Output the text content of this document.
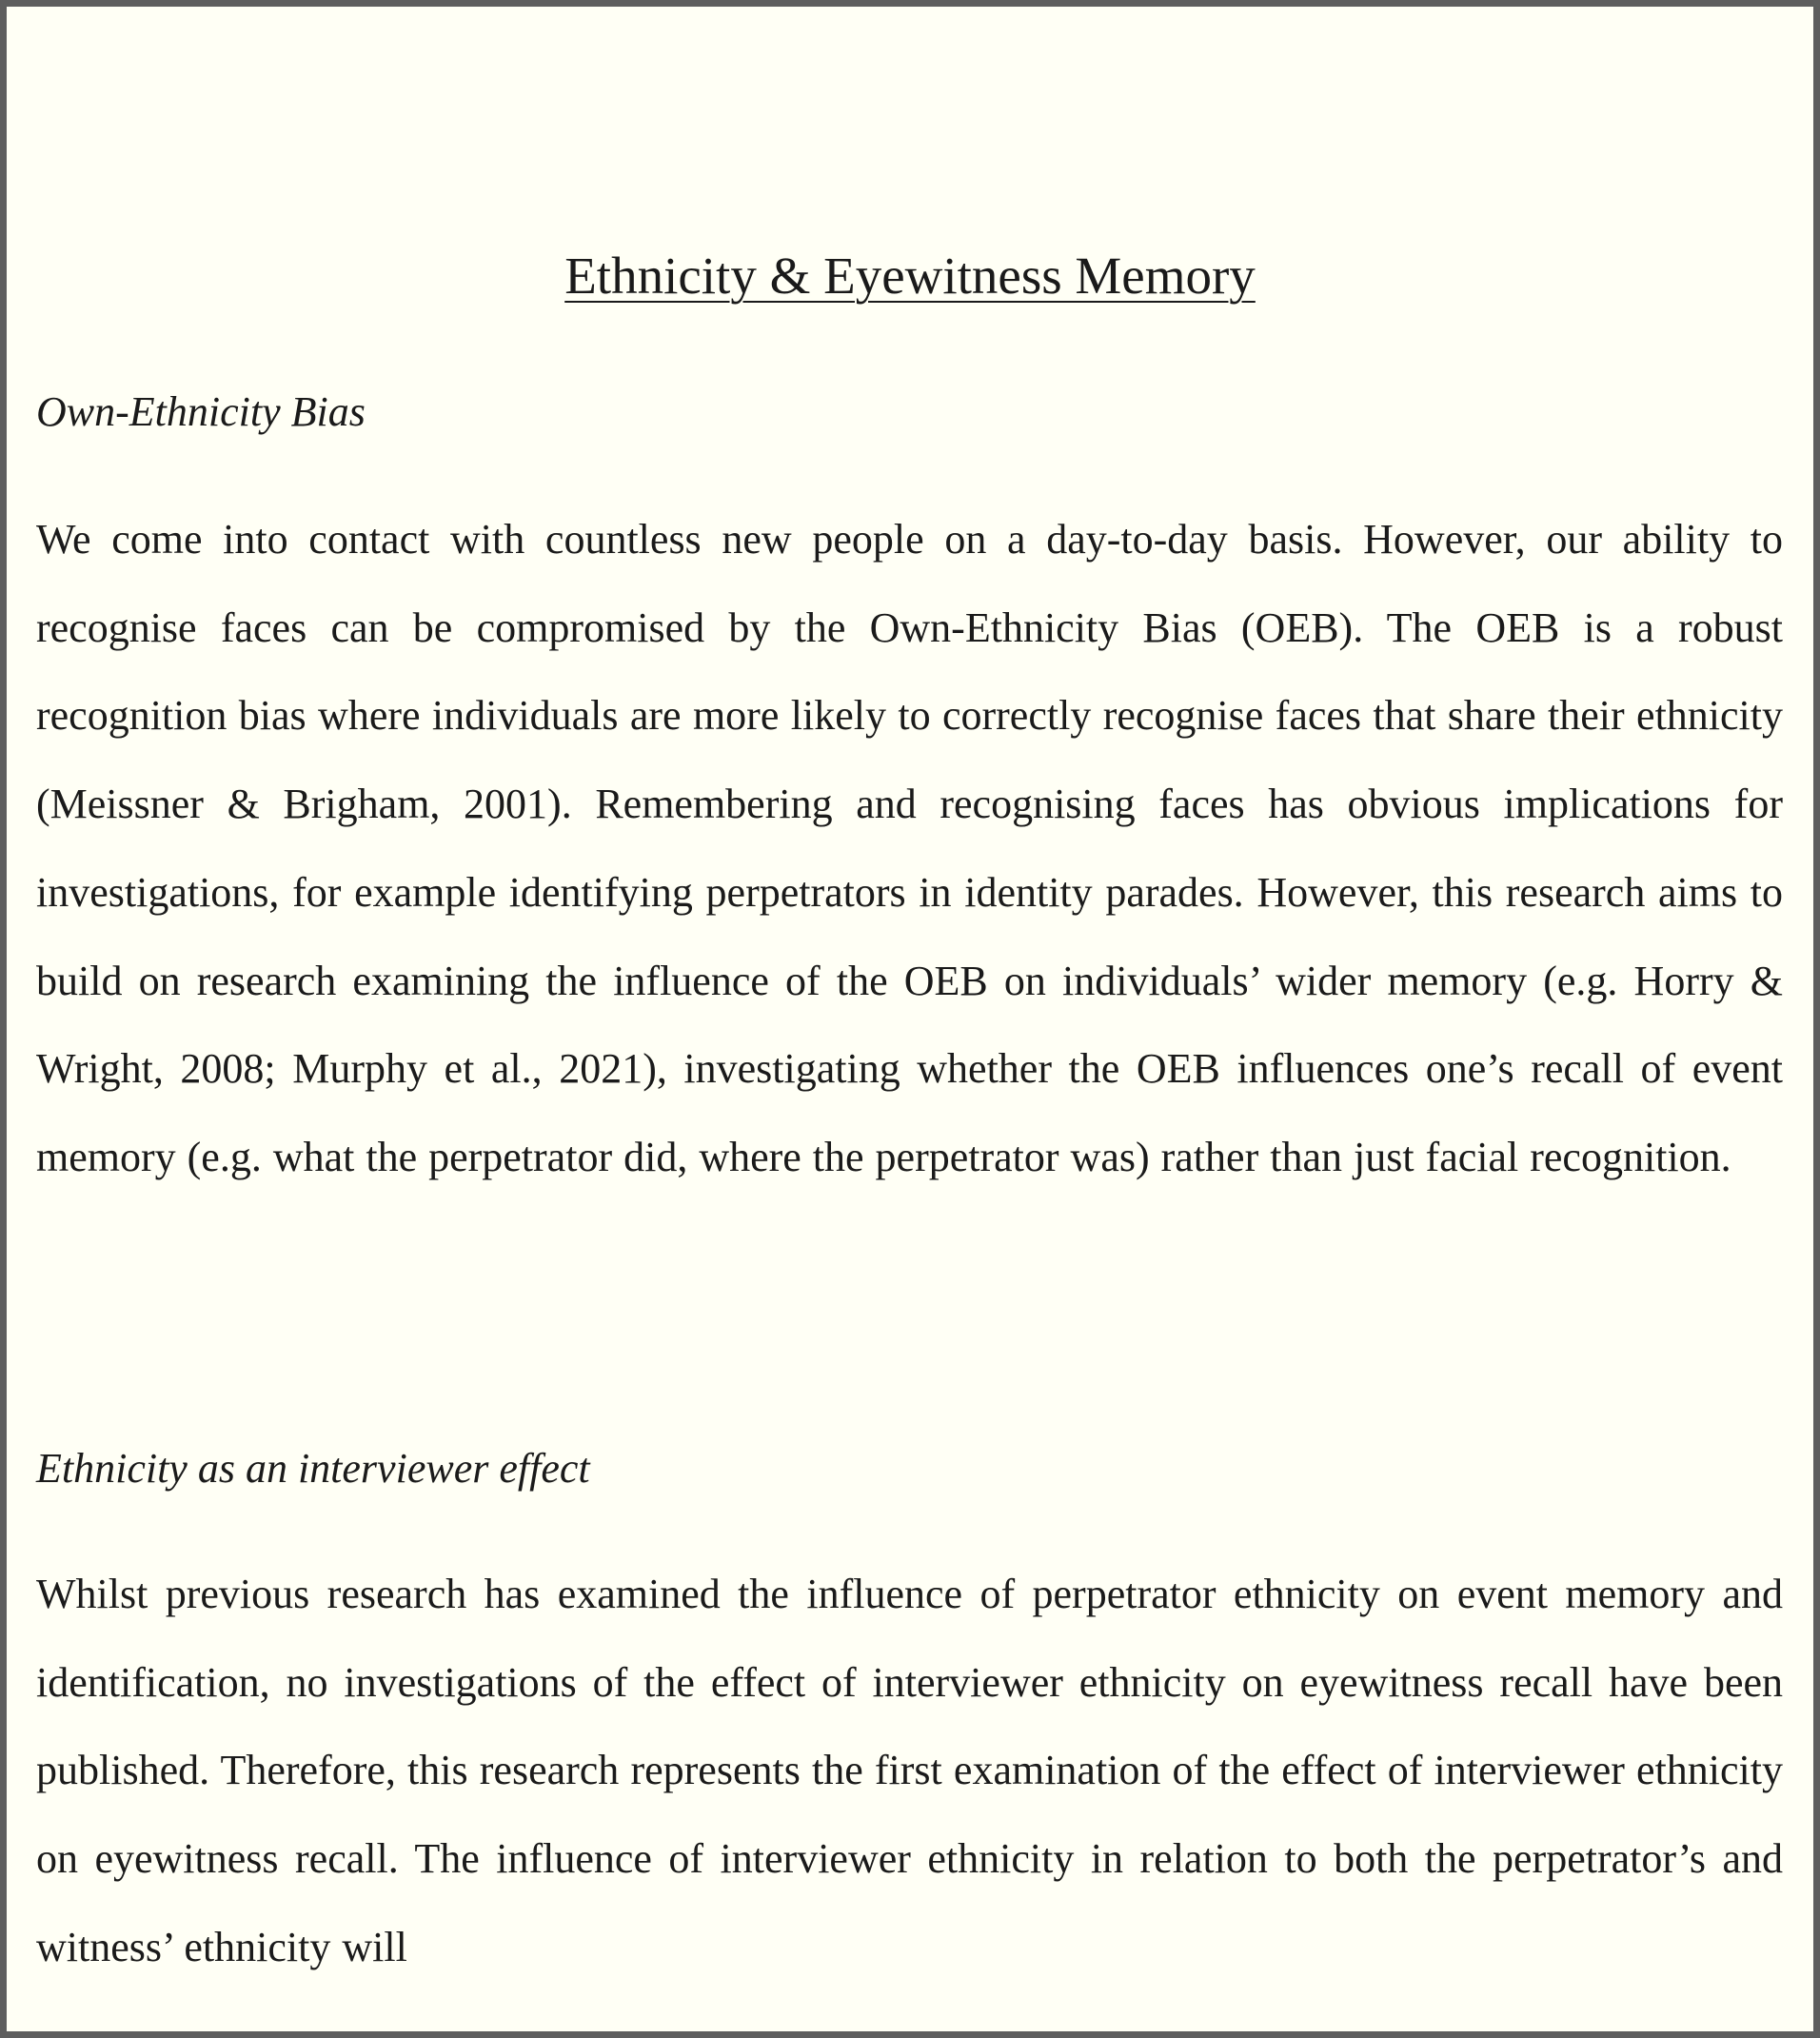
Ethnicity & Eyewitness Memory
Own-Ethnicity Bias

We come into contact with countless new people on a day-to-day basis. However, our ability to recognise faces can be compromised by the Own-Ethnicity Bias (OEB). The OEB is a robust recognition bias where individuals are more likely to correctly recognise faces that share their ethnicity (Meissner & Brigham, 2001). Remembering and recognising faces has obvious implications for investigations, for example identifying perpetrators in identity parades. However, this research aims to build on research examining the influence of the OEB on individuals’ wider memory (e.g. Horry & Wright, 2008; Murphy et al., 2021), investigating whether the OEB influences one’s recall of event memory (e.g. what the perpetrator did, where the perpetrator was) rather than just facial recognition.

Ethnicity as an interviewer effect

Whilst previous research has examined the influence of perpetrator ethnicity on event memory and identification, no investigations of the effect of interviewer ethnicity on eyewitness recall have been published. Therefore, this research represents the first examination of the effect of interviewer ethnicity on eyewitness recall. The influence of interviewer ethnicity in relation to both the perpetrator’s and witness’ ethnicity will
